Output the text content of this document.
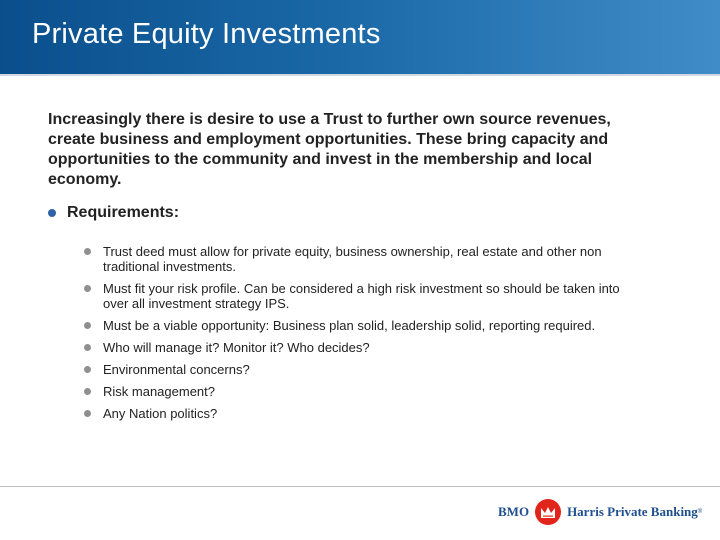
Private Equity Investments
Increasingly there is desire to use a Trust to further own source revenues, create business and employment opportunities. These bring capacity and opportunities to the community and invest in the membership and local economy.
Requirements:
Trust deed must allow for private equity, business ownership, real estate and other non traditional investments.
Must fit your risk profile. Can be considered a high risk investment so should be taken into over all investment strategy IPS.
Must be a viable opportunity: Business plan solid, leadership solid, reporting required.
Who will manage it? Monitor it? Who decides?
Environmental concerns?
Risk management?
Any Nation politics?
BMO	Harris Private Banking ®
